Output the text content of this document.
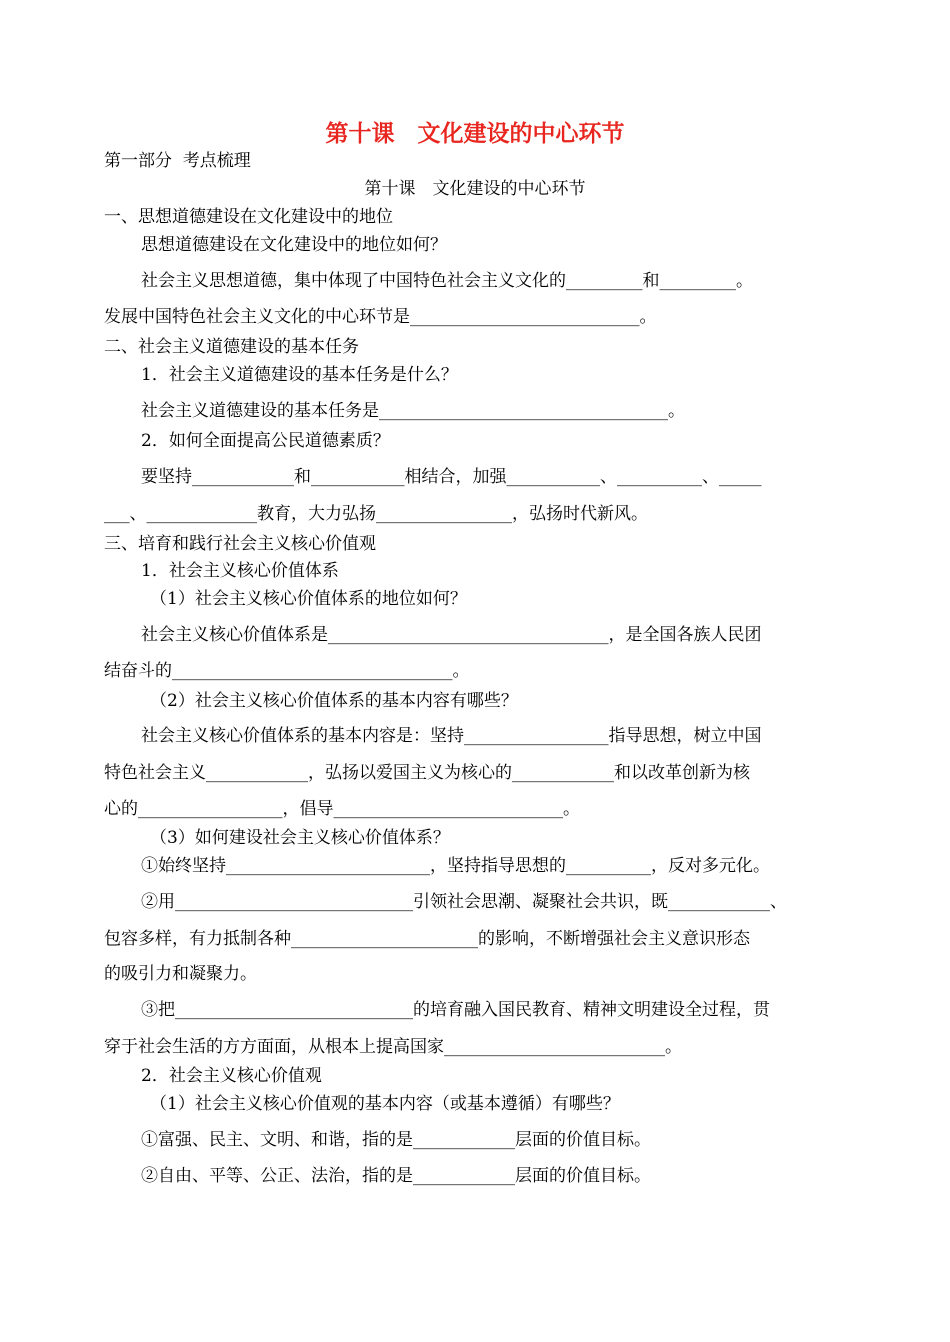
第十课　文化建设的中心环节
第一部分  考点梳理
第十课　文化建设的中心环节
一、思想道德建设在文化建设中的地位
思想道德建设在文化建设中的地位如何？
社会主义思想道德，集中体现了中国特色社会主义文化的_________和_________。
发展中国特色社会主义文化的中心环节是___________________________。
二、社会主义道德建设的基本任务
1．社会主义道德建设的基本任务是什么？
社会主义道德建设的基本任务是__________________________________。
2．如何全面提高公民道德素质？
要坚持____________和___________相结合，加强___________、__________、_____
___、_____________教育，大力弘扬________________，弘扬时代新风。
三、培育和践行社会主义核心价值观
1．社会主义核心价值体系
（1）社会主义核心价值体系的地位如何？
社会主义核心价值体系是_________________________________，是全国各族人民团
结奋斗的_________________________________。
（2）社会主义核心价值体系的基本内容有哪些？
社会主义核心价值体系的基本内容是：坚持_________________指导思想，树立中国
特色社会主义____________，弘扬以爱国主义为核心的____________和以改革创新为核
心的_________________，倡导___________________________。
（3）如何建设社会主义核心价值体系？
①始终坚持________________________，坚持指导思想的__________，反对多元化。
②用____________________________引领社会思潮、凝聚社会共识，既____________、
包容多样，有力抵制各种______________________的影响，不断增强社会主义意识形态
的吸引力和凝聚力。
③把____________________________的培育融入国民教育、精神文明建设全过程，贯
穿于社会生活的方方面面，从根本上提高国家__________________________。
2．社会主义核心价值观
（1）社会主义核心价值观的基本内容（或基本遵循）有哪些？
①富强、民主、文明、和谐，指的是____________层面的价值目标。
②自由、平等、公正、法治，指的是____________层面的价值目标。
